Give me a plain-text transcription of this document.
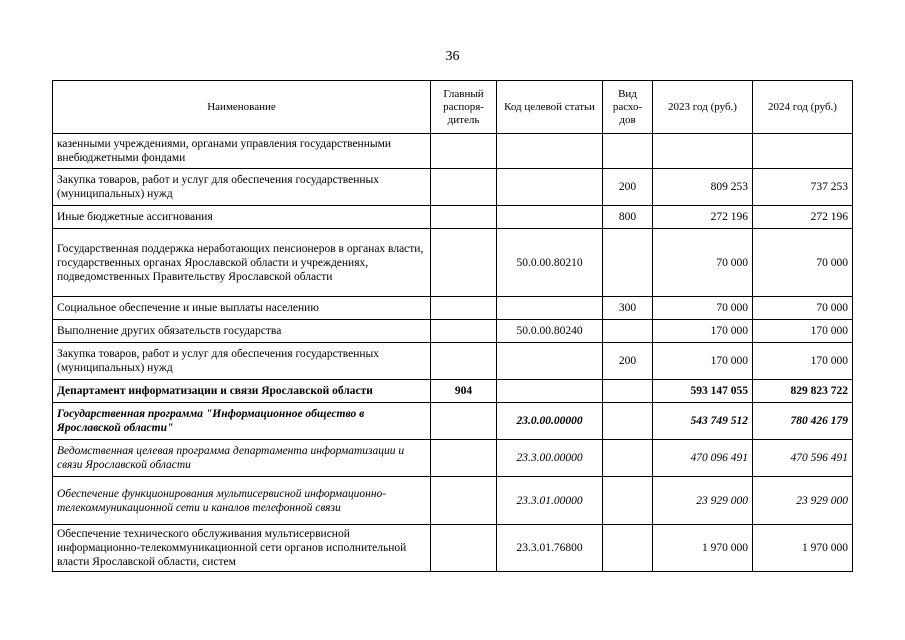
36
Наименование	Главный распоря-дитель	Код целевой статьи	Вид расхо-дов	2023 год (руб.)	2024 год (руб.)
казенными учреждениями, органами управления государственными внебюджетными фондами					
Закупка товаров, работ и услуг для обеспечения государственных (муниципальных) нужд			200	809 253	737 253
Иные бюджетные ассигнования			800	272 196	272 196
Государственная поддержка неработающих пенсионеров в органах власти, государственных органах Ярославской области и учреждениях, подведомственных Правительству Ярославской области		50.0.00.80210		70 000	70 000
Социальное обеспечение и иные выплаты населению			300	70 000	70 000
Выполнение других обязательств государства		50.0.00.80240		170 000	170 000
Закупка товаров, работ и услуг для обеспечения государственных (муниципальных) нужд			200	170 000	170 000
Департамент информатизации и связи Ярославской области	904			593 147 055	829 823 722
Государственная программа "Информационное общество в Ярославской области"		23.0.00.00000		543 749 512	780 426 179
Ведомственная целевая программа департамента информатизации и связи Ярославской области		23.3.00.00000		470 096 491	470 596 491
Обеспечение функционирования мультисервисной информационно-телекоммуникационной сети и каналов телефонной связи		23.3.01.00000		23 929 000	23 929 000
Обеспечение технического обслуживания мультисервисной информационно-телекоммуникационной сети органов исполнительной власти Ярославской области, систем		23.3.01.76800		1 970 000	1 970 000
